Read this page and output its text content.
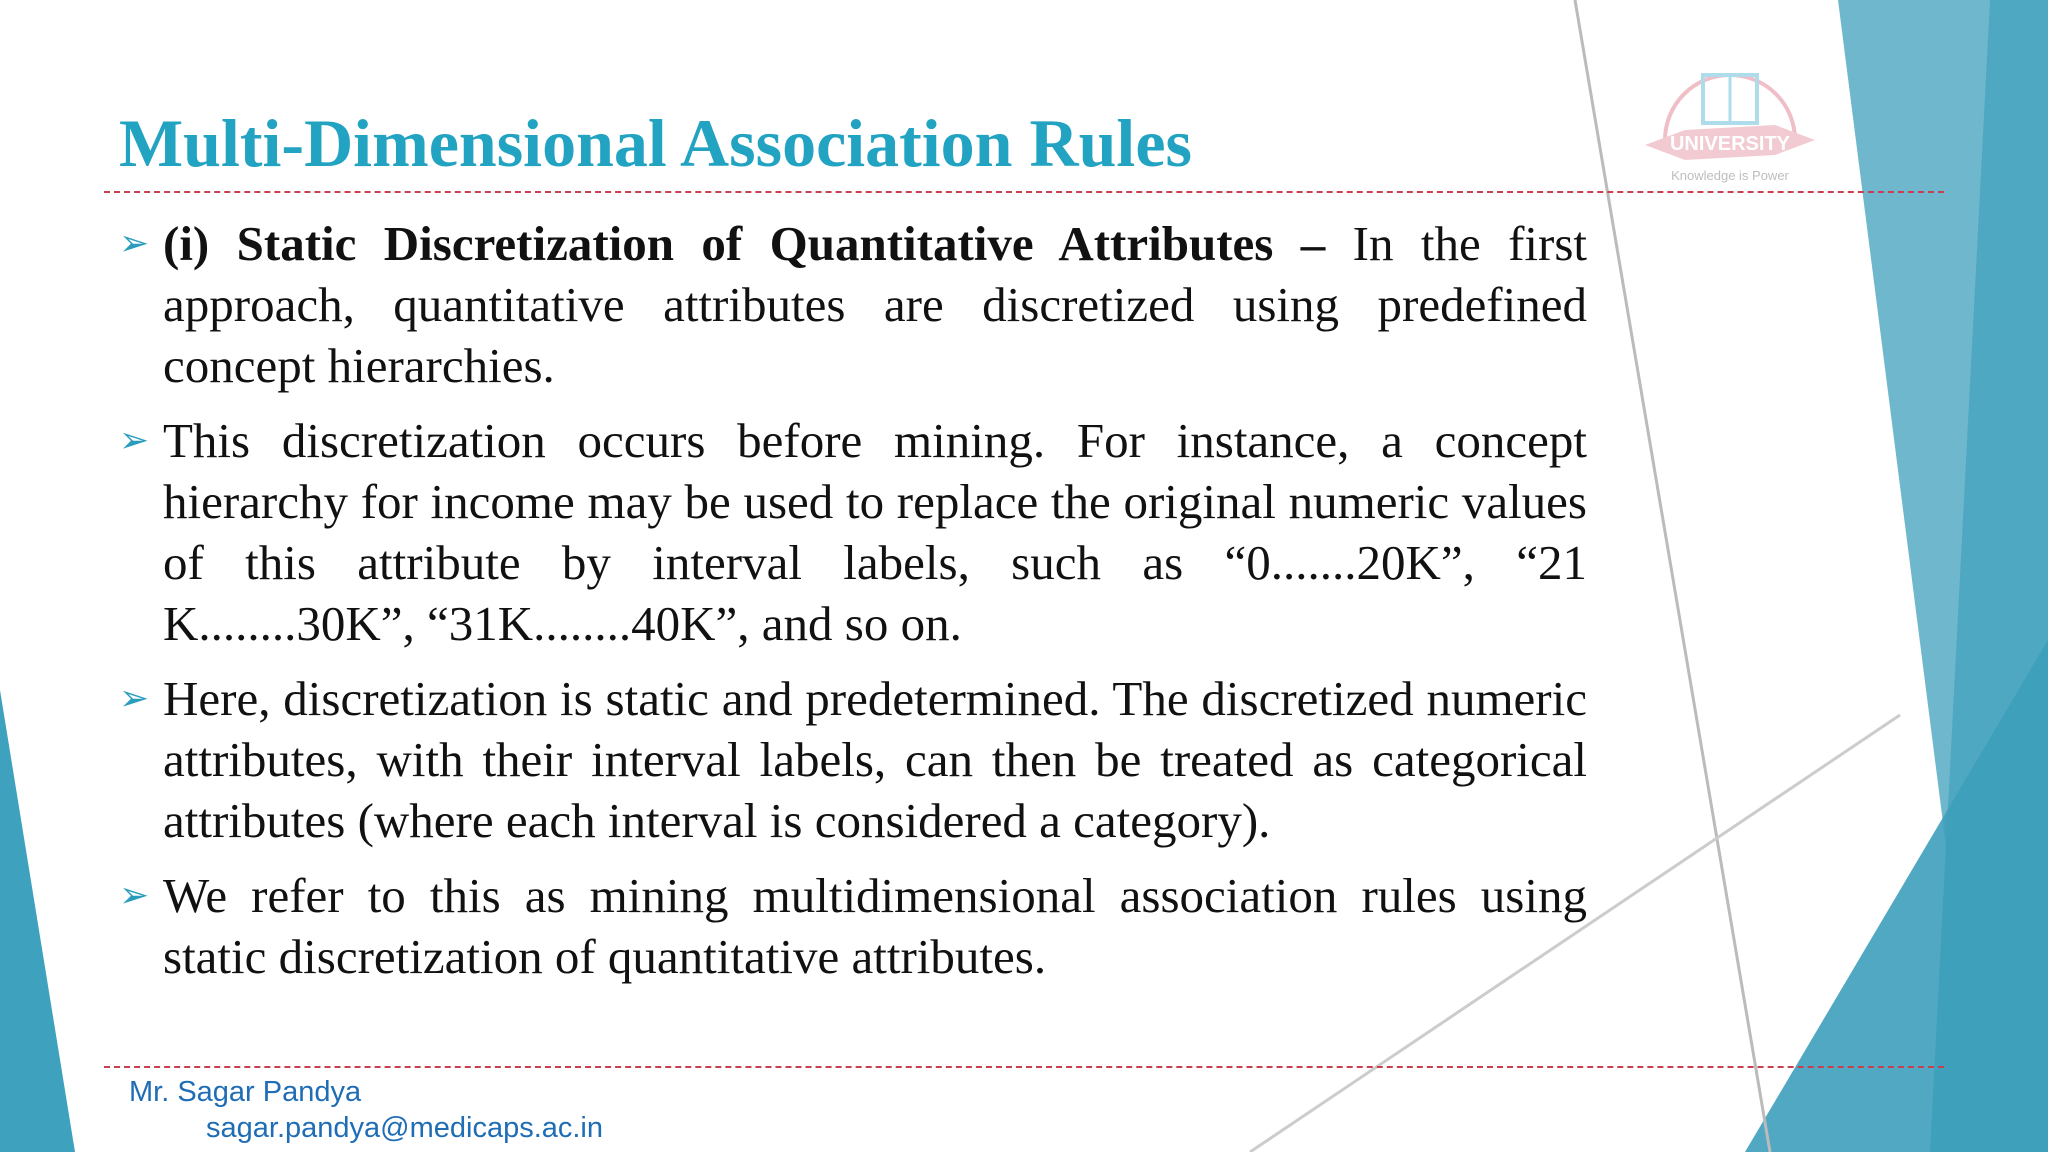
UNIVERSITY
Knowledge is Power
Multi-Dimensional Association Rules
➢ (i) Static Discretization of Quantitative Attributes – In the first approach, quantitative attributes are discretized using predefined concept hierarchies.
➢ This discretization occurs before mining. For instance, a concept hierarchy for income may be used to replace the original numeric values of this attribute by interval labels, such as “0.......20K”, “21 K........30K”, “31K........40K”, and so on.
➢ Here, discretization is static and predetermined. The discretized numeric attributes, with their interval labels, can then be treated as categorical attributes (where each interval is considered a category).
➢ We refer to this as mining multidimensional association rules using static discretization of quantitative attributes.
Mr. Sagar Pandya
sagar.pandya@medicaps.ac.in
